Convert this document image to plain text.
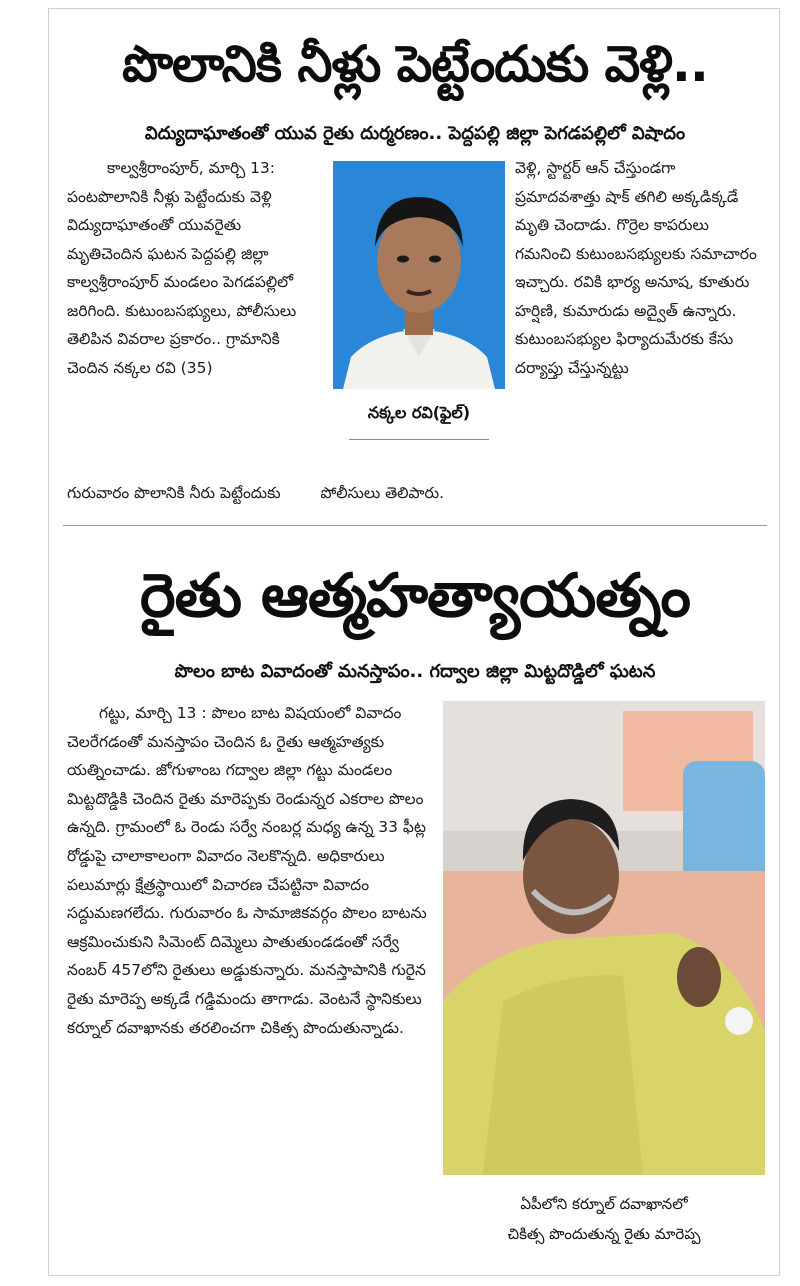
పొలానికి నీళ్లు పెట్టేందుకు వెళ్లి..
విద్యుదాఘాతంతో యువ రైతు దుర్మరణం.. పెద్దపల్లి జిల్లా పెగడపల్లిలో విషాదం

కాల్వశ్రీరాంపూర్‌, మార్చి 13: పంటపొలానికి నీళ్లు పెట్టేందుకు వెళ్లి విద్యుదాఘాతంతో యువరైతు మృతిచెందిన ఘటన పెద్దపల్లి జిల్లా కాల్వశ్రీరాంపూర్‌ మండలం పెగడపల్లిలో జరిగింది. కుటుంబసభ్యులు, పోలీసులు తెలిపిన వివరాల ప్రకారం.. గ్రామానికి చెందిన నక్కల రవి (35)

నక్కల రవి(ఫైల్‌)

వెళ్లి, స్టార్టర్‌ ఆన్‌ చేస్తుండగా ప్రమాదవశాత్తు షాక్‌ తగిలి అక్కడిక్కడే మృతి చెందాడు. గొర్రెల కాపరులు గమనించి కుటుంబసభ్యులకు సమాచారం ఇచ్చారు. రవికి భార్య అనూష, కూతురు హర్షిణి, కుమారుడు అద్వైత్‌ ఉన్నారు. కుటుంబసభ్యుల ఫిర్యాదుమేరకు కేసు దర్యాప్తు చేస్తున్నట్టు

గురువారం పొలానికి నీరు పెట్టేందుకు	పోలీసులు తెలిపారు.
రైతు ఆత్మహత్యాయత్నం
పొలం బాట వివాదంతో మనస్తాపం.. గద్వాల జిల్లా మిట్టదొడ్డిలో ఘటన

గట్టు, మార్చి 13 : పొలం బాట విషయంలో వివాదం చెలరేగడంతో మనస్తాపం చెందిన ఓ రైతు ఆత్మహత్యకు యత్నించాడు. జోగుళాంబ గద్వాల జిల్లా గట్టు మండలం మిట్టదొడ్డికి చెందిన రైతు మారెప్పకు రెండున్నర ఎకరాల పొలం ఉన్నది. గ్రామంలో ఓ రెండు సర్వే నంబర్ల మధ్య ఉన్న 33 ఫీట్ల రోడ్డుపై చాలాకాలంగా వివాదం నెలకొన్నది. అధికారులు పలుమార్లు క్షేత్రస్థాయిలో విచారణ చేపట్టినా వివాదం సద్దుమణగలేదు. గురువారం ఓ సామాజికవర్గం పొలం బాటను ఆక్రమించుకుని సిమెంట్‌ దిమ్మెలు పాతుతుండడంతో సర్వే నంబర్‌ 457లోని రైతులు అడ్డుకున్నారు. మనస్తాపానికి గురైన రైతు మారెప్ప అక్కడే గడ్డిమందు తాగాడు. వెంటనే స్థానికులు కర్నూల్‌ దవాఖానకు తరలించగా చికిత్స పొందుతున్నాడు.

ఏపీలోని కర్నూల్‌ దవాఖానలో
చికిత్స పొందుతున్న రైతు మారెప్ప
